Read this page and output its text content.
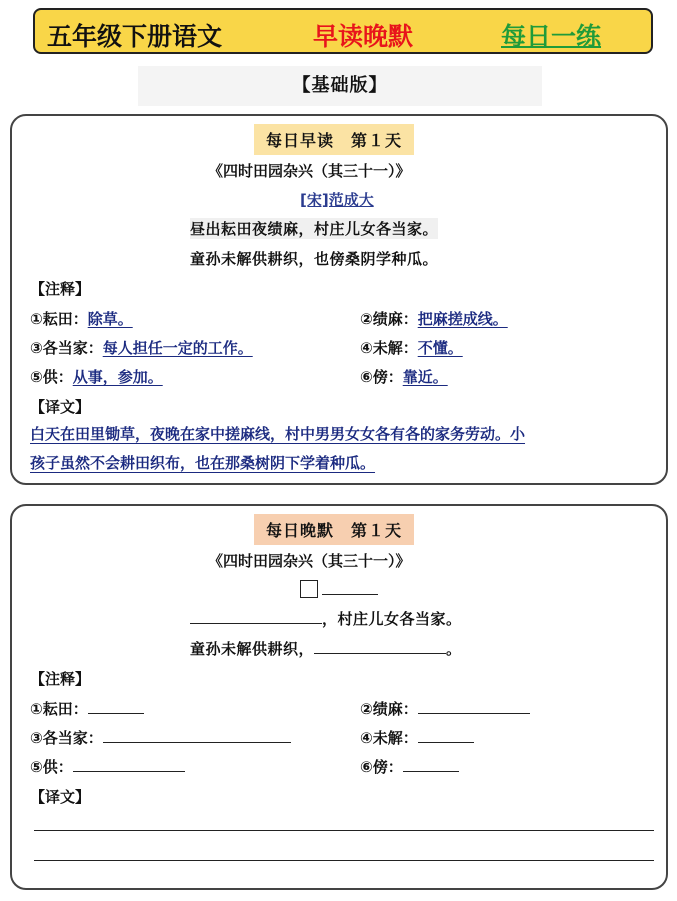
五年级下册语文	早读晚默	每日一练
【基础版】
每日早读　第１天
《四时田园杂兴（其三十一）》
[宋]范成大
昼出耘田夜绩麻，村庄儿女各当家。
童孙未解供耕织，也傍桑阴学种瓜。
【注释】
①耘田：除草。	②绩麻：把麻搓成线。
③各当家：每人担任一定的工作。	④未解：不懂。
⑤供：从事，参加。	⑥傍：靠近。
【译文】
白天在田里锄草，夜晚在家中搓麻线，村中男男女女各有各的家务劳动。小
孩子虽然不会耕田织布，也在那桑树阴下学着种瓜。
每日晚默　第１天
《四时田园杂兴（其三十一）》
，村庄儿女各当家。
童孙未解供耕织，	。
【注释】
①耘田：	②绩麻：
③各当家：	④未解：
⑤供：	⑥傍：
【译文】
